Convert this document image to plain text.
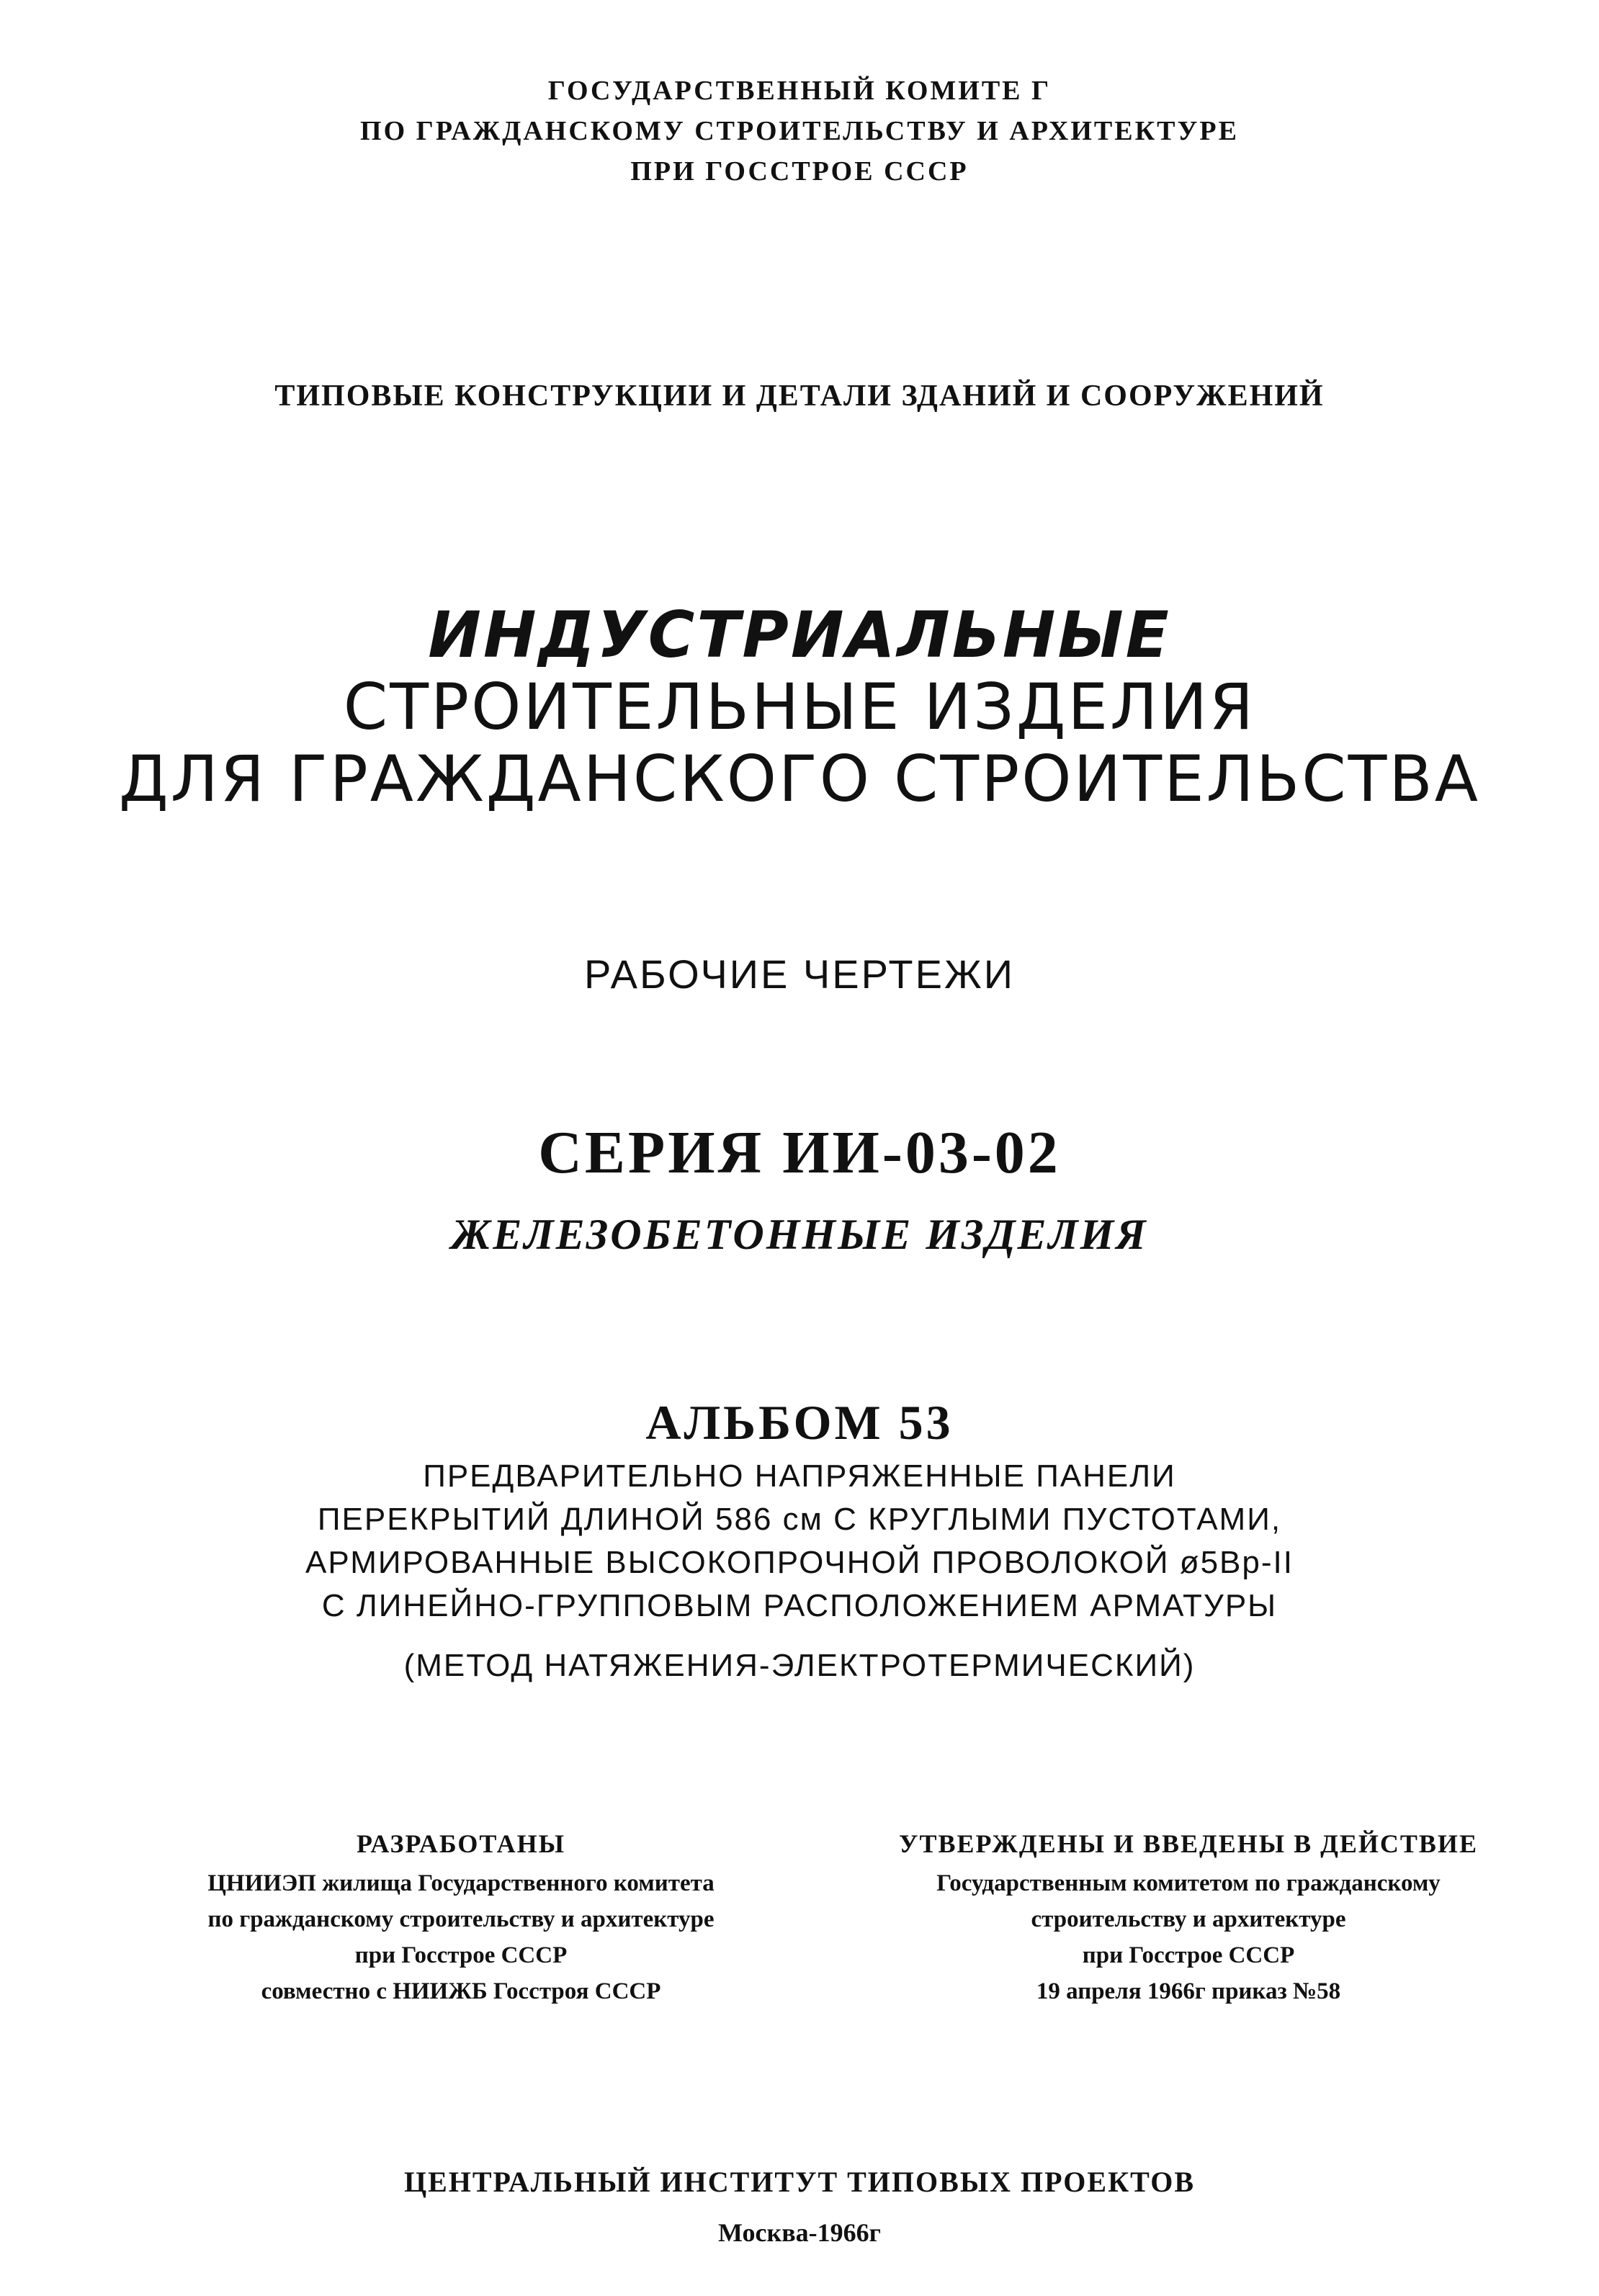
ГОСУДАРСТВЕННЫЙ КОМИТЕ Г
ПО ГРАЖДАНСКОМУ СТРОИТЕЛЬСТВУ И АРХИТЕКТУРЕ
ПРИ ГОССТРОЕ СССР
ТИПОВЫЕ КОНСТРУКЦИИ И ДЕТАЛИ ЗДАНИЙ И СООРУЖЕНИЙ
ИНДУСТРИАЛЬНЫЕ
СТРОИТЕЛЬНЫЕ ИЗДЕЛИЯ
ДЛЯ ГРАЖДАНСКОГО СТРОИТЕЛЬСТВА
РАБОЧИЕ ЧЕРТЕЖИ
СЕРИЯ ИИ-03-02
ЖЕЛЕЗОБЕТОННЫЕ ИЗДЕЛИЯ
АЛЬБОМ 53
ПРЕДВАРИТЕЛЬНО НАПРЯЖЕННЫЕ ПАНЕЛИ
ПЕРЕКРЫТИЙ ДЛИНОЙ 586 см С КРУГЛЫМИ ПУСТОТАМИ,
АРМИРОВАННЫЕ ВЫСОКОПРОЧНОЙ ПРОВОЛОКОЙ ø5Вр-II
С ЛИНЕЙНО-ГРУППОВЫМ РАСПОЛОЖЕНИЕМ АРМАТУРЫ
(МЕТОД НАТЯЖЕНИЯ-ЭЛЕКТРОТЕРМИЧЕСКИЙ)
РАЗРАБОТАНЫ
ЦНИИЭП жилища Государственного комитета
по гражданскому строительству и архитектуре
при Госстрое СССР
совместно с НИИЖБ Госстроя СССР
УТВЕРЖДЕНЫ И ВВЕДЕНЫ В ДЕЙСТВИЕ
Государственным комитетом по гражданскому
строительству и архитектуре
при Госстрое СССР
19 апреля 1966г приказ №58
ЦЕНТРАЛЬНЫЙ ИНСТИТУТ ТИПОВЫХ ПРОЕКТОВ
Москва-1966г
